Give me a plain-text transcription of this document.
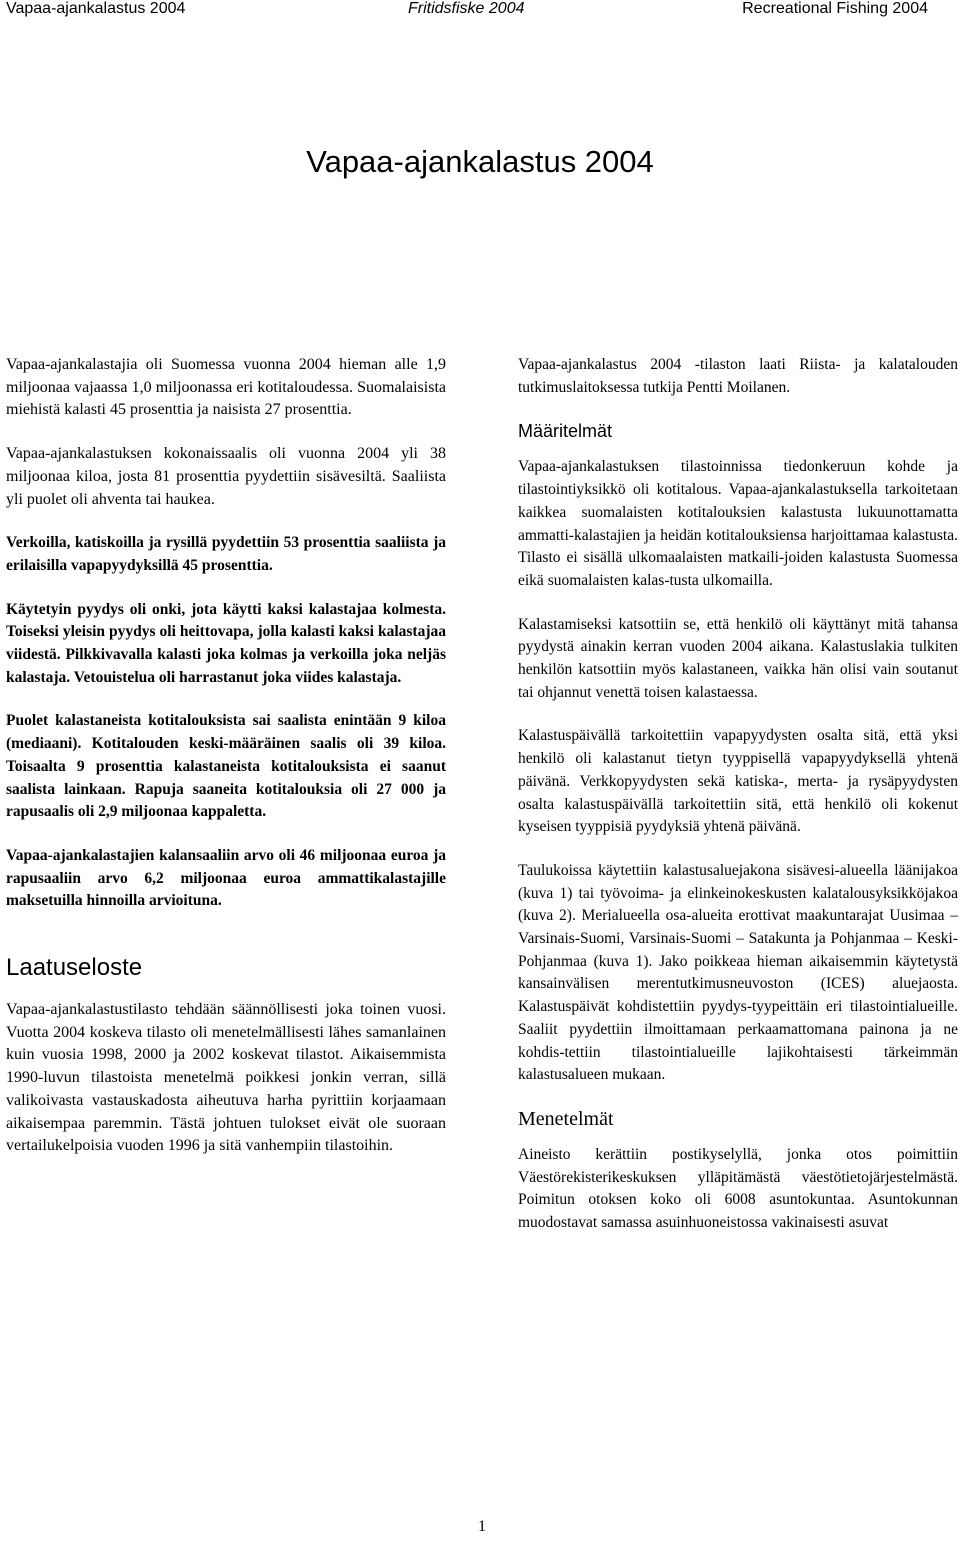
Vapaa-ajankalastus 2004	Fritidsfiske 2004	Recreational Fishing 2004
Vapaa-ajankalastus 2004

Vapaa-ajankalastajia oli Suomessa vuonna 2004 hieman alle 1,9 miljoonaa vajaassa 1,0 miljoonassa eri kotitaloudessa. Suomalaisista miehistä kalasti 45 prosenttia ja naisista 27 prosenttia.

Vapaa-ajankalastuksen kokonaissaalis oli vuonna 2004 yli 38 miljoonaa kiloa, josta 81 prosenttia pyydettiin sisävesiltä. Saaliista yli puolet oli ahventa tai haukea.

Verkoilla, katiskoilla ja rysillä pyydettiin 53 prosenttia saaliista ja erilaisilla vapapyydyksillä 45 prosenttia.

Käytetyin pyydys oli onki, jota käytti kaksi kalastajaa kolmesta. Toiseksi yleisin pyydys oli heittovapa, jolla kalasti kaksi kalastajaa viidestä. Pilkkivavalla kalasti joka kolmas ja verkoilla joka neljäs kalastaja. Vetouistelua oli harrastanut joka viides kalastaja.

Puolet kalastaneista kotitalouksista sai saalista enintään 9 kiloa (mediaani). Kotitalouden keski-määräinen saalis oli 39 kiloa. Toisaalta 9 prosenttia kalastaneista kotitalouksista ei saanut saalista lainkaan. Rapuja saaneita kotitalouksia oli 27 000 ja rapusaalis oli 2,9 miljoonaa kappaletta.

Vapaa-ajankalastajien kalansaaliin arvo oli 46 miljoonaa euroa ja rapusaaliin arvo 6,2 miljoonaa euroa ammattikalastajille maksetuilla hinnoilla arvioituna.

Laatuseloste

Vapaa-ajankalastustilasto tehdään säännöllisesti joka toinen vuosi. Vuotta 2004 koskeva tilasto oli menetelmällisesti lähes samanlainen kuin vuosia 1998, 2000 ja 2002 koskevat tilastot. Aikaisemmista 1990-luvun tilastoista menetelmä poikkesi jonkin verran, sillä valikoivasta vastauskadosta aiheutuva harha pyrittiin korjaamaan aikaisempaa paremmin. Tästä johtuen tulokset eivät ole suoraan vertailukelpoisia vuoden 1996 ja sitä vanhempiin tilastoihin.

Vapaa-ajankalastus 2004 -tilaston laati Riista- ja kalatalouden tutkimuslaitoksessa tutkija Pentti Moilanen.

Määritelmät

Vapaa-ajankalastuksen tilastoinnissa tiedonkeruun kohde ja tilastointiyksikkö oli kotitalous. Vapaa-ajankalastuksella tarkoitetaan kaikkea suomalaisten kotitalouksien kalastusta lukuunottamatta ammatti-kalastajien ja heidän kotitalouksiensa harjoittamaa kalastusta. Tilasto ei sisällä ulkomaalaisten matkaili-joiden kalastusta Suomessa eikä suomalaisten kalas-tusta ulkomailla.

Kalastamiseksi katsottiin se, että henkilö oli käyttänyt mitä tahansa pyydystä ainakin kerran vuoden 2004 aikana. Kalastuslakia tulkiten henkilön katsottiin myös kalastaneen, vaikka hän olisi vain soutanut tai ohjannut venettä toisen kalastaessa.

Kalastuspäivällä tarkoitettiin vapapyydysten osalta sitä, että yksi henkilö oli kalastanut tietyn tyyppisellä vapapyydyksellä yhtenä päivänä. Verkkopyydysten sekä katiska-, merta- ja rysäpyydysten osalta kalastuspäivällä tarkoitettiin sitä, että henkilö oli kokenut kyseisen tyyppisiä pyydyksiä yhtenä päivänä.

Taulukoissa käytettiin kalastusaluejakona sisävesi-alueella läänijakoa (kuva 1) tai työvoima- ja elinkeinokeskusten kalatalousyksikköjakoa (kuva 2). Merialueella osa-alueita erottivat maakuntarajat Uusimaa – Varsinais-Suomi, Varsinais-Suomi – Satakunta ja Pohjanmaa – Keski-Pohjanmaa (kuva 1). Jako poikkeaa hieman aikaisemmin käytetystä kansainvälisen merentutkimusneuvoston (ICES) aluejaosta. Kalastuspäivät kohdistettiin pyydys-tyypeittäin eri tilastointialueille. Saaliit pyydettiin ilmoittamaan perkaamattomana painona ja ne kohdis-tettiin tilastointialueille lajikohtaisesti tärkeimmän kalastusalueen mukaan.

Menetelmät

Aineisto kerättiin postikyselyllä, jonka otos poimittiin Väestörekisterikeskuksen ylläpitämästä väestötietojärjestelmästä. Poimitun otoksen koko oli 6008 asuntokuntaa. Asuntokunnan muodostavat samassa asuinhuoneistossa vakinaisesti asuvat

1
